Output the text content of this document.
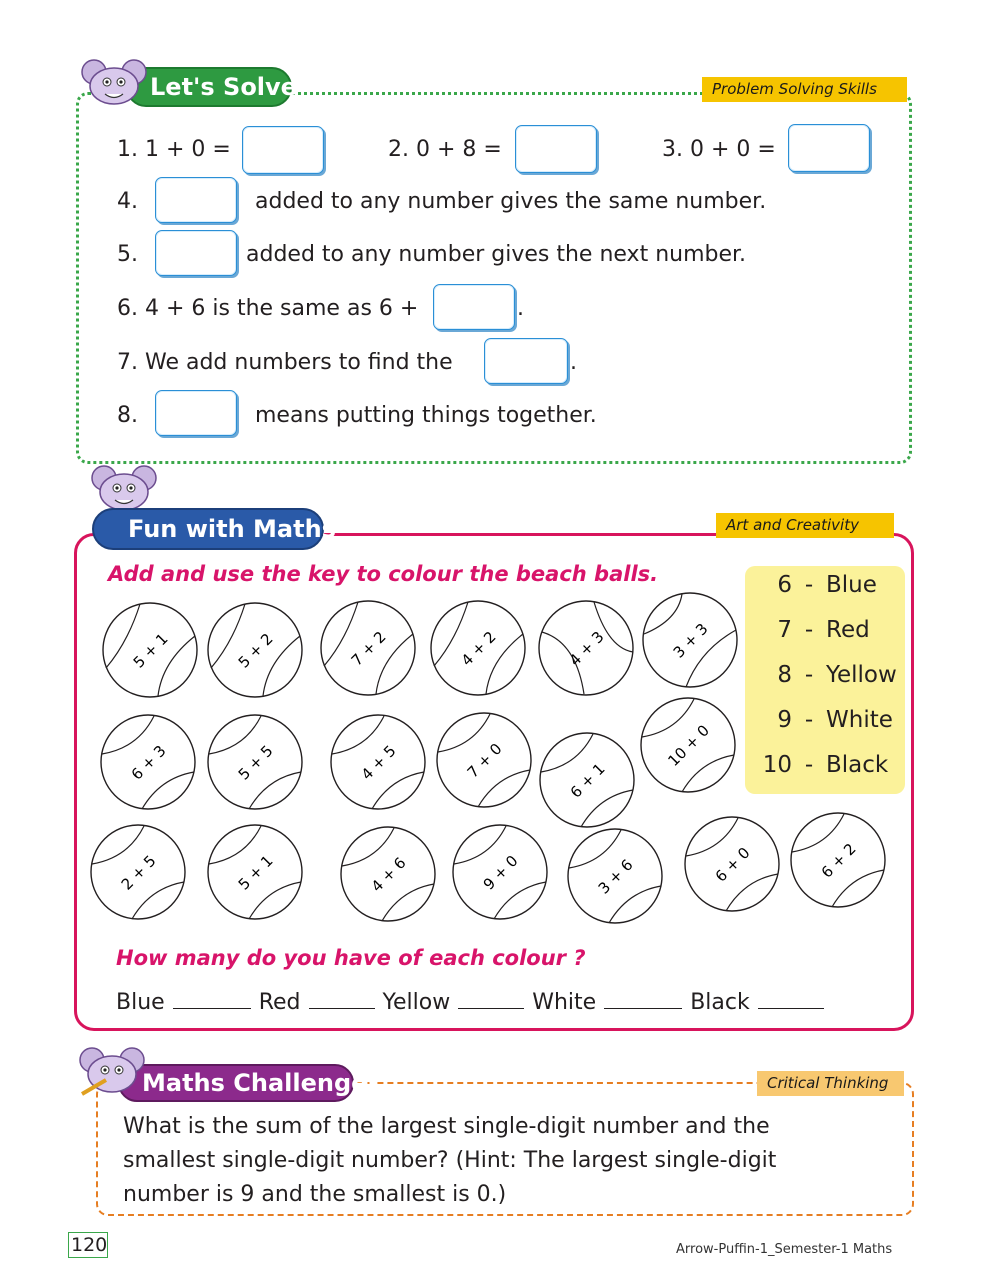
Let's Solve	Problem Solving Skills
1. 1 + 0 =	2. 0 + 8 =	3. 0 + 0 =
4.	added to any number gives the same number.
5.	added to any number gives the next number.
6. 4 + 6 is the same as 6 +	.
7. We add numbers to find the	.
8.	means putting things together.
Fun with Maths	Art and Creativity
Add and use the key to colour the beach balls.	6 - Blue
7 - Red
8 - Yellow
9 - White
10 - Black
5 + 1	5 + 2	7 + 2	4 + 2	4 + 3	3 + 3
6 + 3	5 + 5	4 + 5	7 + 0	6 + 1
10 + 0
2 + 5	5 + 1	4 + 6	9 + 0	3 + 6	6 + 0	6 + 2
How many do you have of each colour ?
Blue	Red	Yellow	White	Black
Maths Challenger	Critical Thinking
What is the sum of the largest single-digit number and the
smallest single-digit number? (Hint: The largest single-digit
number is 9 and the smallest is 0.)
120	Arrow-Puffin-1_Semester-1 Maths
